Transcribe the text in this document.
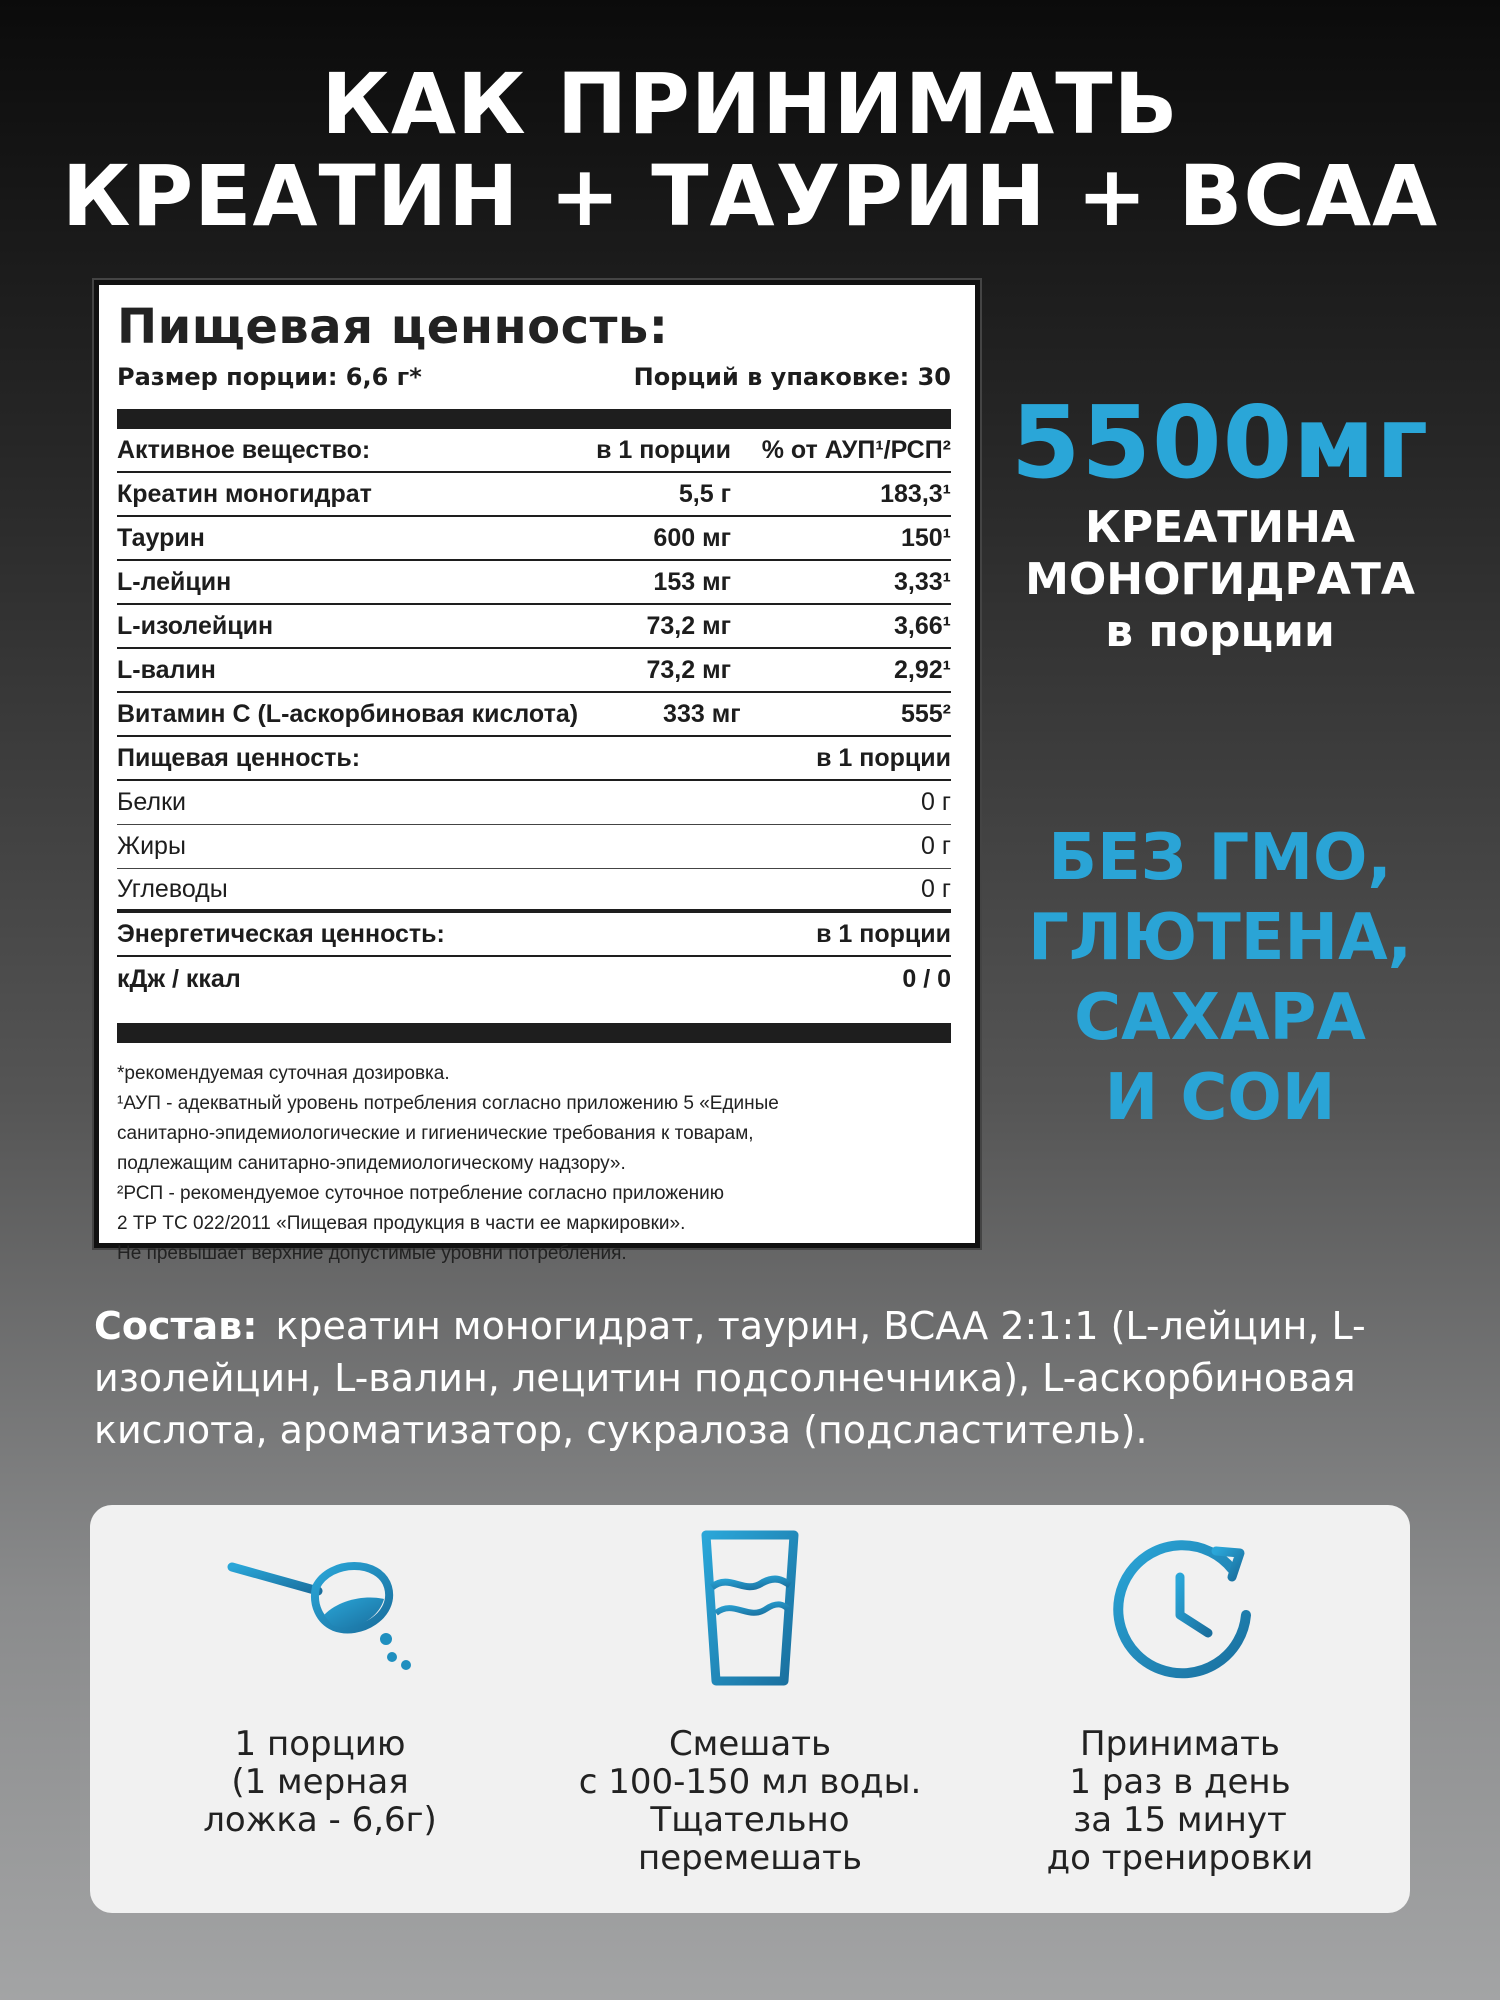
КАК ПРИНИМАТЬ
КРЕАТИН + ТАУРИН + BCAA
Пищевая ценность:
Размер порции: 6,6 г*	Порций в упаковке: 30
Активное вещество:	в 1 порции	% от АУП¹/РСП²
Креатин моногидрат	5,5 г	183,3¹
Таурин	600 мг	150¹
L-лейцин	153 мг	3,33¹
L-изолейцин	73,2 мг	3,66¹
L-валин	73,2 мг	2,92¹
Витамин С (L-аскорбиновая кислота)	333 мг	555²
Пищевая ценность:	в 1 порции
Белки	0 г
Жиры	0 г
Углеводы	0 г
Энергетическая ценность:	в 1 порции
кДж / ккал	0 / 0
*рекомендуемая суточная дозировка.
¹АУП - адекватный уровень потребления согласно приложению 5 «Единые
санитарно-эпидемиологические и гигиенические требования к товарам,
подлежащим санитарно-эпидемиологическому надзору».
²РСП - рекомендуемое суточное потребление согласно приложению
2 ТР ТС 022/2011 «Пищевая продукция в части ее маркировки».
Не превышает верхние допустимые уровни потребления.
5500мг
КРЕАТИНА
МОНОГИДРАТА
в порции
БЕЗ ГМО,
ГЛЮТЕНА,
САХАРА
И СОИ
Состав: креатин моногидрат, таурин, BCAA 2:1:1 (L-лейцин, L-изолейцин, L-валин, лецитин подсолнечника), L-аскорбиновая кислота, ароматизатор, сукралоза (подсластитель).
1 порцию
(1 мерная
ложка - 6,6г)
Смешать
с 100-150 мл воды.
Тщательно
перемешать
Принимать
1 раз в день
за 15 минут
до тренировки
